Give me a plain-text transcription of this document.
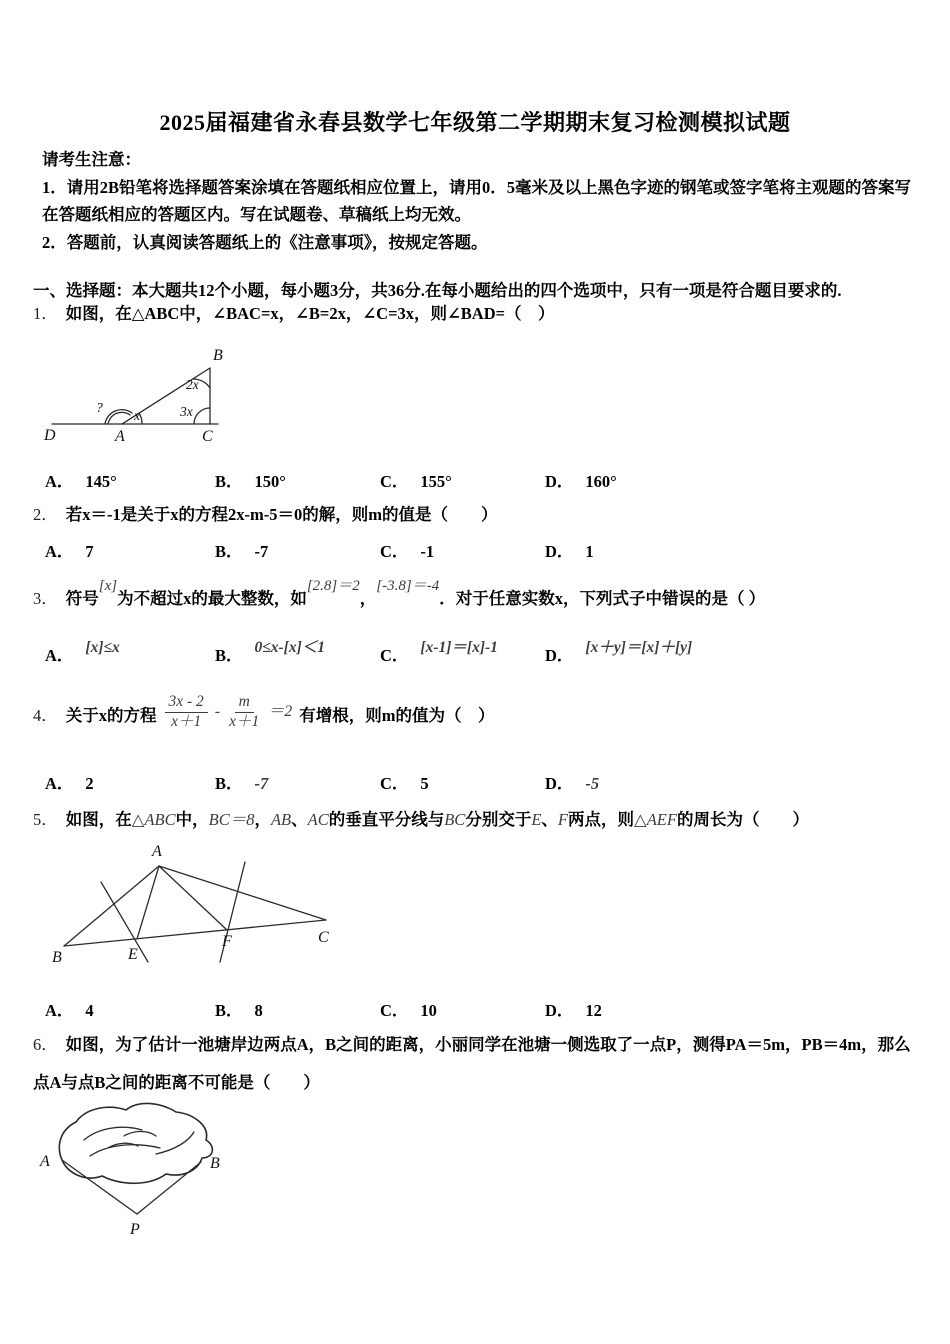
2025届福建省永春县数学七年级第二学期期末复习检测模拟试题

请考生注意：

1．请用2B铅笔将选择题答案涂填在答题纸相应位置上，请用0．5毫米及以上黑色字迹的钢笔或签字笔将主观题的答案写在答题纸相应的答题区内。写在试题卷、草稿纸上均无效。

2．答题前，认真阅读答题纸上的《注意事项》，按规定答题。

一、选择题：本大题共12个小题，每小题3分，共36分.在每小题给出的四个选项中，只有一项是符合题目要求的.
1． 如图，在△ABC中，∠BAC=x，∠B=2x，∠C=3x，则∠BAD=（　）
D	A	C
B
?
x
2x
3x
A． 145°	B． 150°	C． 155°	D． 160°
2． 若x＝-1是关于x的方程2x-m-5＝0的解，则m的值是（　　）
A． 7	B． -7	C． -1	D． 1
3． 符号[x]为不超过x的最大整数，如[2.8]＝2，[-3.8]＝-4．对于任意实数x，下列式子中错误的是（ ）
A． [x]≤x	B． 0≤x-[x]＜1	C． [x-1]＝[x]-1	D． [x＋y]＝[x]＋[y]
4． 关于x的方程 $\frac{3x - 2}{x+1} - \frac{m}{x+1} =2$ 有增根，则m的值为（　）
A． 2	B． -7	C． 5	D． -5
5． 如图，在△ABC中，BC＝8，AB、AC的垂直平分线与BC分别交于E、F两点，则△AEF的周长为（　　）
A
B
C
E
F
A． 4	B． 8	C． 10	D． 12
6． 如图，为了估计一池塘岸边两点A，B之间的距离，小丽同学在池塘一侧选取了一点P，测得PA＝5m，PB＝4m，那么点A与点B之间的距离不可能是（　　）
A	B
P
